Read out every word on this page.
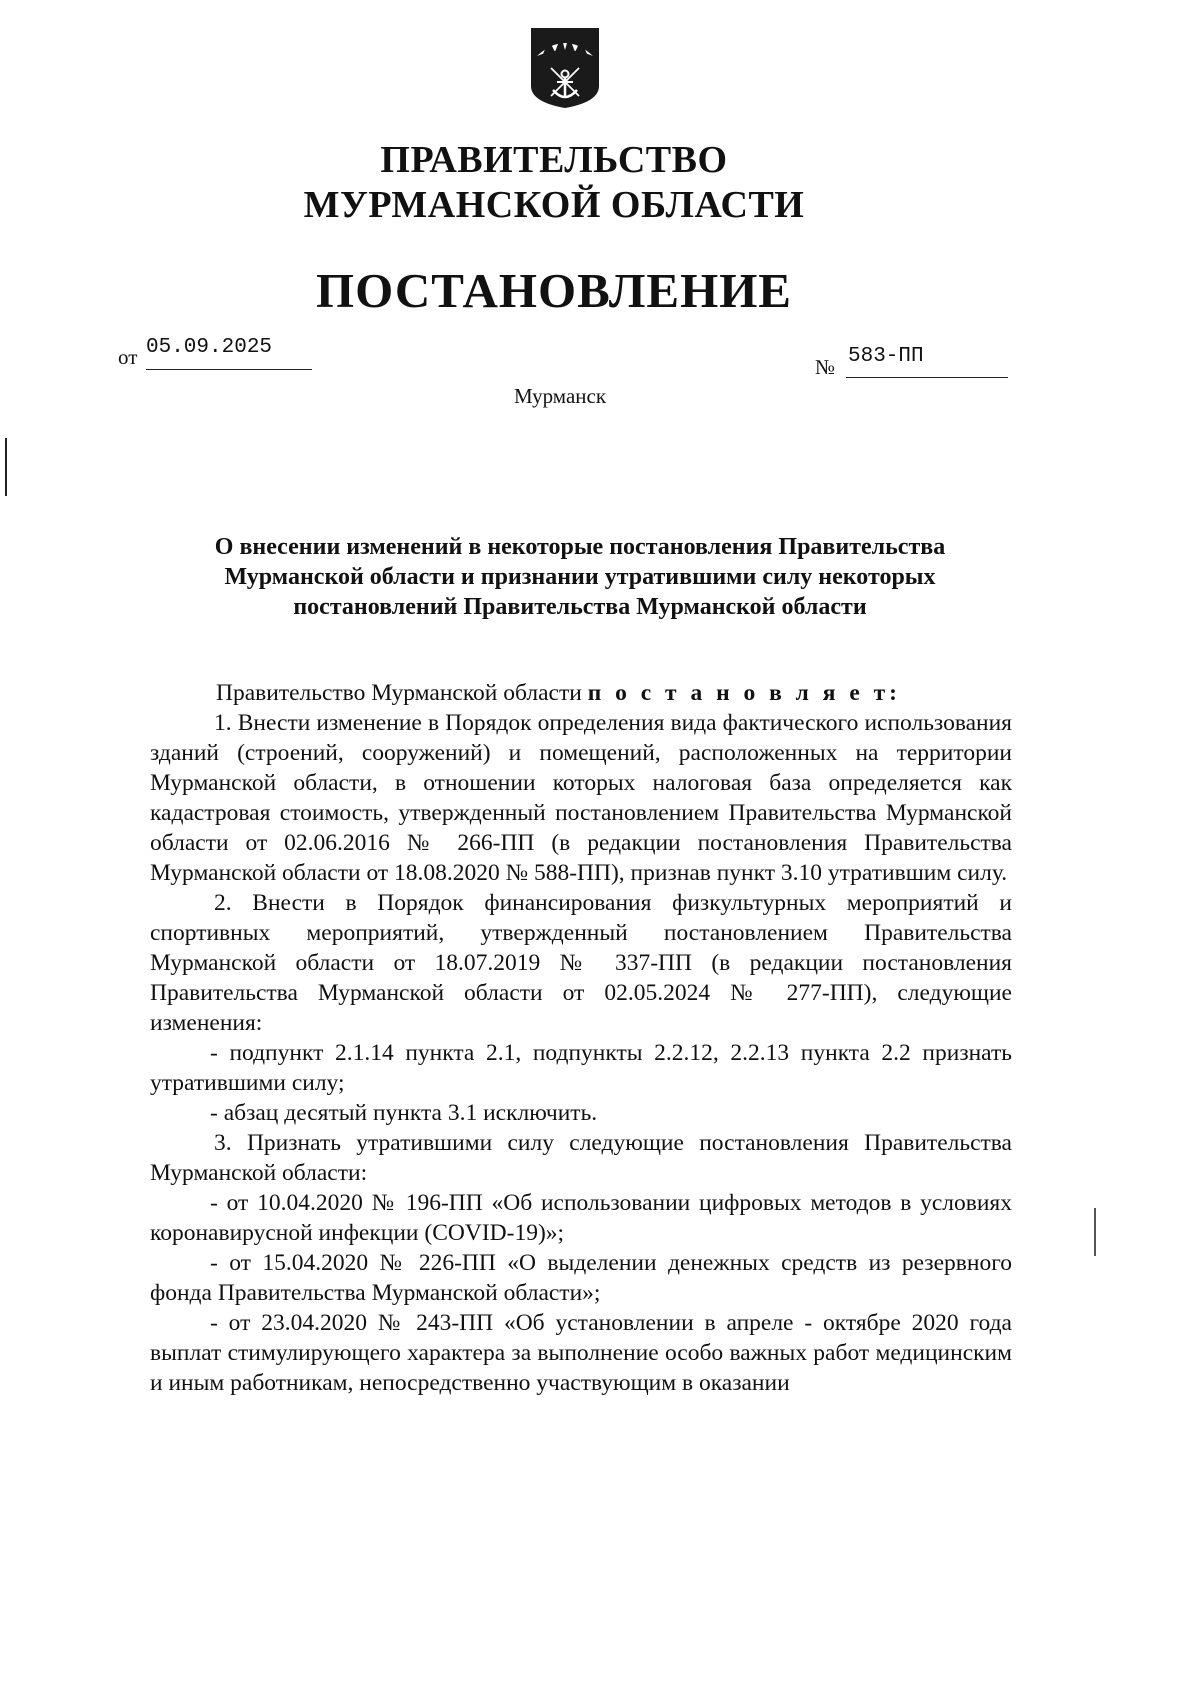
ПРАВИТЕЛЬСТВО
МУРМАНСКОЙ ОБЛАСТИ
ПОСТАНОВЛЕНИЕ
от 05.09.2025
№ 583-ПП
Мурманск
О внесении изменений в некоторые постановления Правительства
Мурманской области и признании утратившими силу некоторых
постановлений Правительства Мурманской области

Правительство Мурманской области п о с т а н о в л я е т:

1. Внести изменение в Порядок определения вида фактического использования зданий (строений, сооружений) и помещений, расположенных на территории Мурманской области, в отношении которых налоговая база определяется как кадастровая стоимость, утвержденный постановлением Правительства Мурманской области от 02.06.2016 № 266-ПП (в редакции постановления Правительства Мурманской области от 18.08.2020 № 588-ПП), признав пункт 3.10 утратившим силу.

2. Внести в Порядок финансирования физкультурных мероприятий и спортивных мероприятий, утвержденный постановлением Правительства Мурманской области от 18.07.2019 № 337-ПП (в редакции постановления Правительства Мурманской области от 02.05.2024 № 277-ПП), следующие изменения:

- подпункт 2.1.14 пункта 2.1, подпункты 2.2.12, 2.2.13 пункта 2.2 признать утратившими силу;

- абзац десятый пункта 3.1 исключить.

3. Признать утратившими силу следующие постановления Правительства Мурманской области:

- от 10.04.2020 № 196-ПП «Об использовании цифровых методов в условиях коронавирусной инфекции (COVID-19)»;

- от 15.04.2020 № 226-ПП «О выделении денежных средств из резервного фонда Правительства Мурманской области»;

- от 23.04.2020 № 243-ПП «Об установлении в апреле - октябре 2020 года выплат стимулирующего характера за выполнение особо важных работ медицинским и иным работникам, непосредственно участвующим в оказании
